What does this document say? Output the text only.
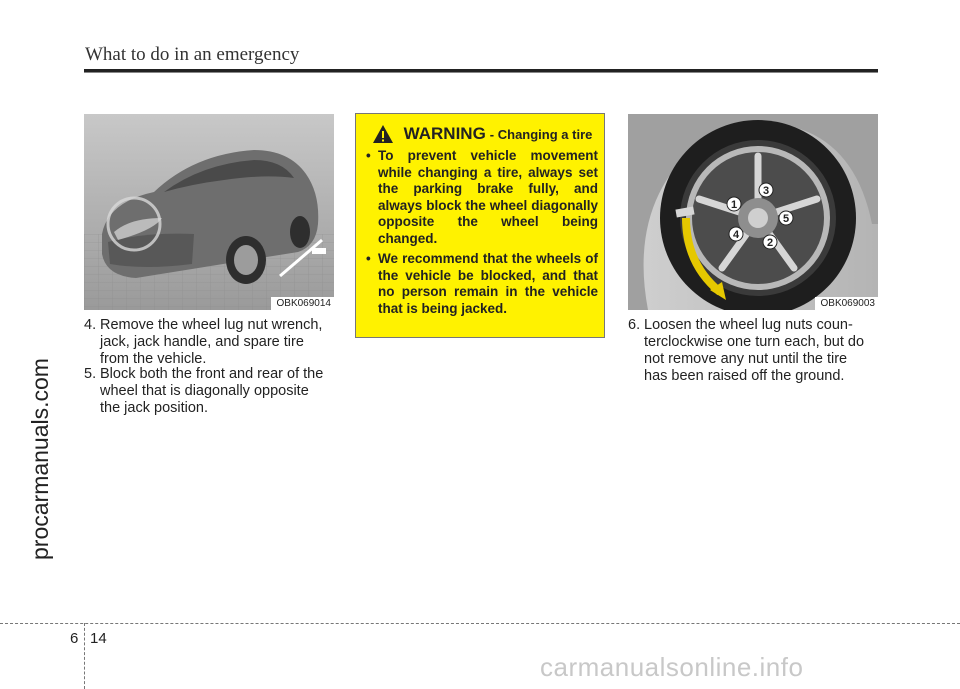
What to do in an emergency
procarmanuals.com
OBK069014
4. Remove the wheel lug nut wrench,
jack, jack handle, and spare tire
from the vehicle.
5. Block both the front and rear of the
wheel that is diagonally opposite
the jack position.
WARNING - Changing a tire
• To prevent vehicle movement while changing a tire, always set the parking brake fully, and always block the wheel diagonally opposite the wheel being changed.
• We recommend that the wheels of the vehicle be blocked, and that no person remain in the vehicle that is being jacked.
1
2
3
4
5
OBK069003
6. Loosen the wheel lug nuts coun-
terclockwise one turn each, but do
not remove any nut until the tire
has been raised off the ground.
6 14
carmanualsonline.info
